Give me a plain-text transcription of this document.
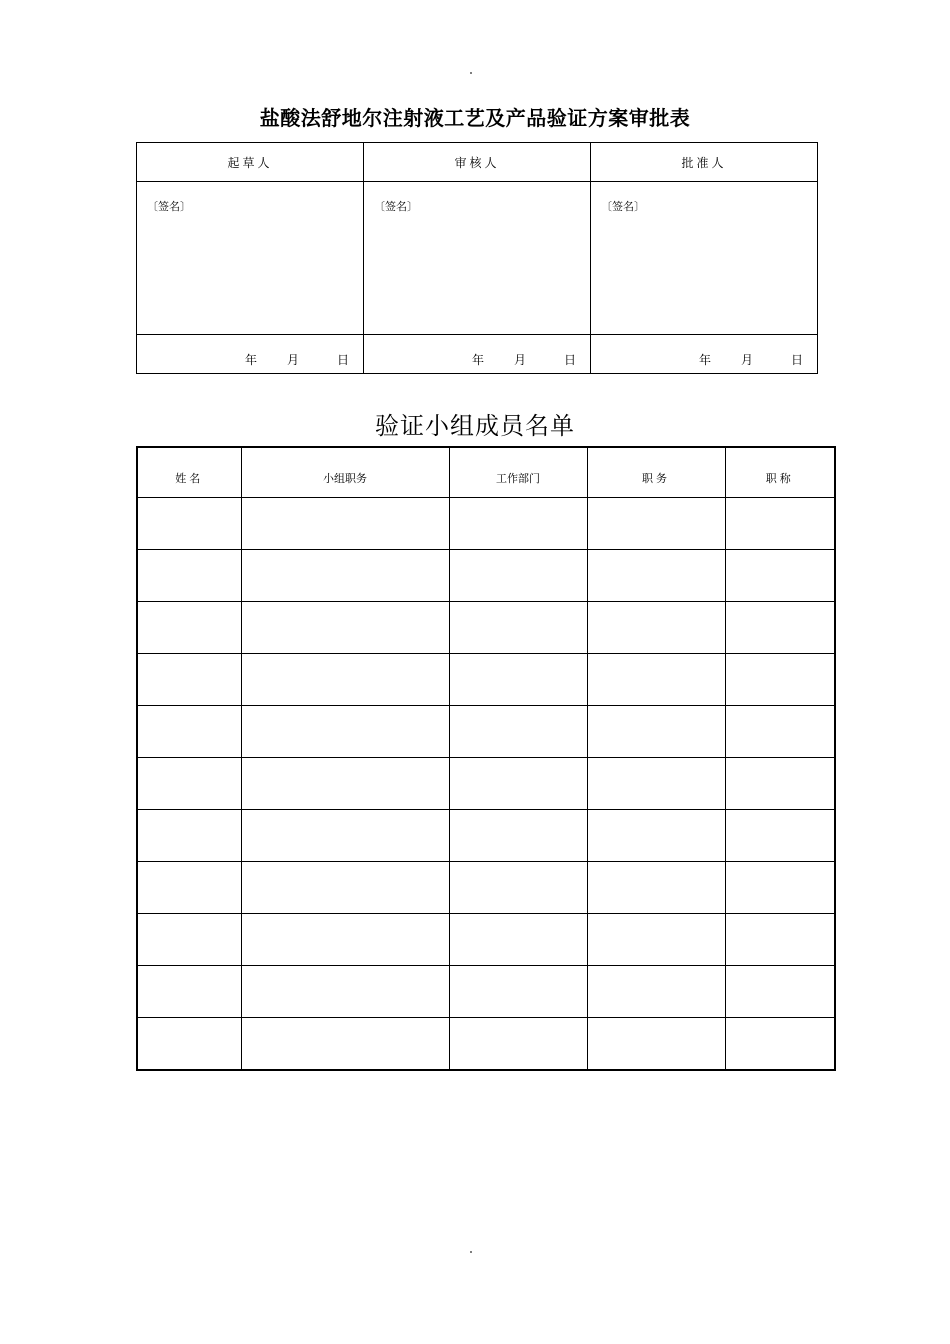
盐酸法舒地尔注射液工艺及产品验证方案审批表
起草人	审核人	批准人

〔签名〕	〔签名〕	〔签名〕

年 月 日	年 月 日	年 月 日
验证小组成员名单
姓名	小组职务	工作部门	职务	职称
